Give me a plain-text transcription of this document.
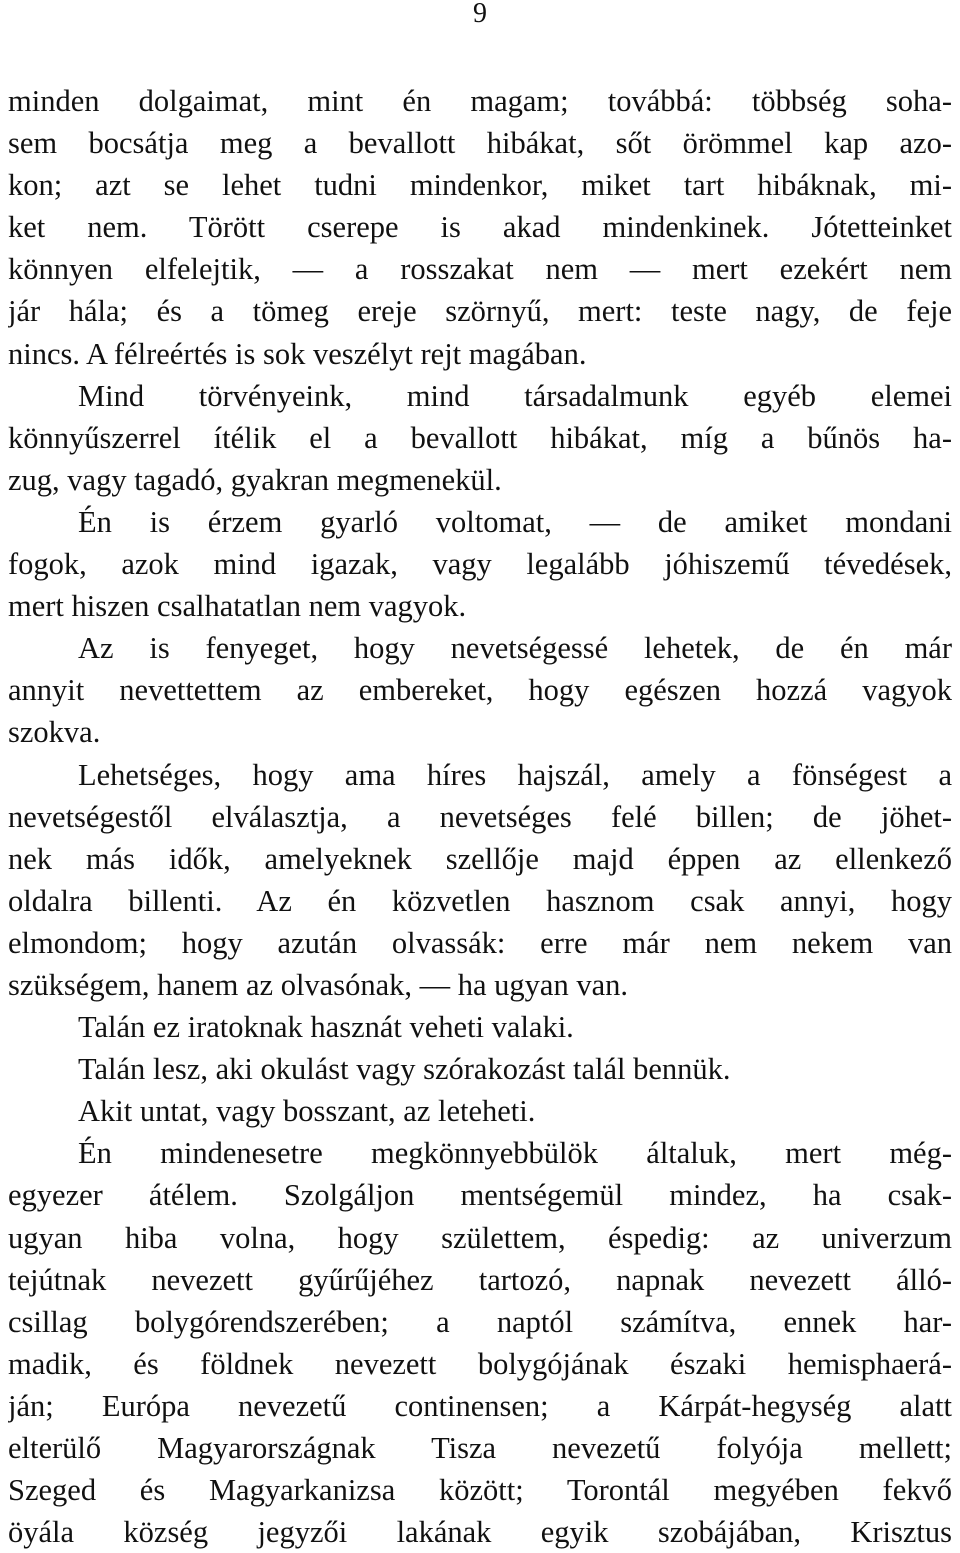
9
minden dolgaimat, mint én magam; továbbá: többség soha-
sem bocsátja meg a bevallott hibákat, sőt örömmel kap azo-
kon; azt se lehet tudni mindenkor, miket tart hibáknak, mi-
ket nem. Törött cserepe is akad mindenkinek. Jótetteinket
könnyen elfelejtik, — a rosszakat nem — mert ezekért nem
jár hála; és a tömeg ereje szörnyű, mert: teste nagy, de feje
nincs. A félreértés is sok veszélyt rejt magában.
Mind törvényeink, mind társadalmunk egyéb elemei
könnyűszerrel ítélik el a bevallott hibákat, míg a bűnös ha-
zug, vagy tagadó, gyakran megmenekül.
Én is érzem gyarló voltomat, — de amiket mondani
fogok, azok mind igazak, vagy legalább jóhiszemű tévedések,
mert hiszen csalhatatlan nem vagyok.
Az is fenyeget, hogy nevetségessé lehetek, de én már
annyit nevettettem az embereket, hogy egészen hozzá vagyok
szokva.
Lehetséges, hogy ama híres hajszál, amely a fönségest a
nevetségestől elválasztja, a nevetséges felé billen; de jöhet-
nek más idők, amelyeknek szellője majd éppen az ellenkező
oldalra billenti. Az én közvetlen hasznom csak annyi, hogy
elmondom; hogy azután olvassák: erre már nem nekem van
szükségem, hanem az olvasónak, — ha ugyan van.
Talán ez iratoknak hasznát veheti valaki.
Talán lesz, aki okulást vagy szórakozást talál bennük.
Akit untat, vagy bosszant, az leteheti.
Én mindenesetre megkönnyebbülök általuk, mert még-
egyezer átélem. Szolgáljon mentségemül mindez, ha csak-
ugyan hiba volna, hogy születtem, éspedig: az univerzum
tejútnak nevezett gyűrűjéhez tartozó, napnak nevezett álló-
csillag bolygórendszerében; a naptól számítva, ennek har-
madik, és földnek nevezett bolygójának északi hemisphaerá-
ján; Európa nevezetű continensen; a Kárpát-hegység alatt
elterülő Magyarországnak Tisza nevezetű folyója mellett;
Szeged és Magyarkanizsa között; Torontál megyében fekvő
öyála község jegyzői lakának egyik szobájában, Krisztus
